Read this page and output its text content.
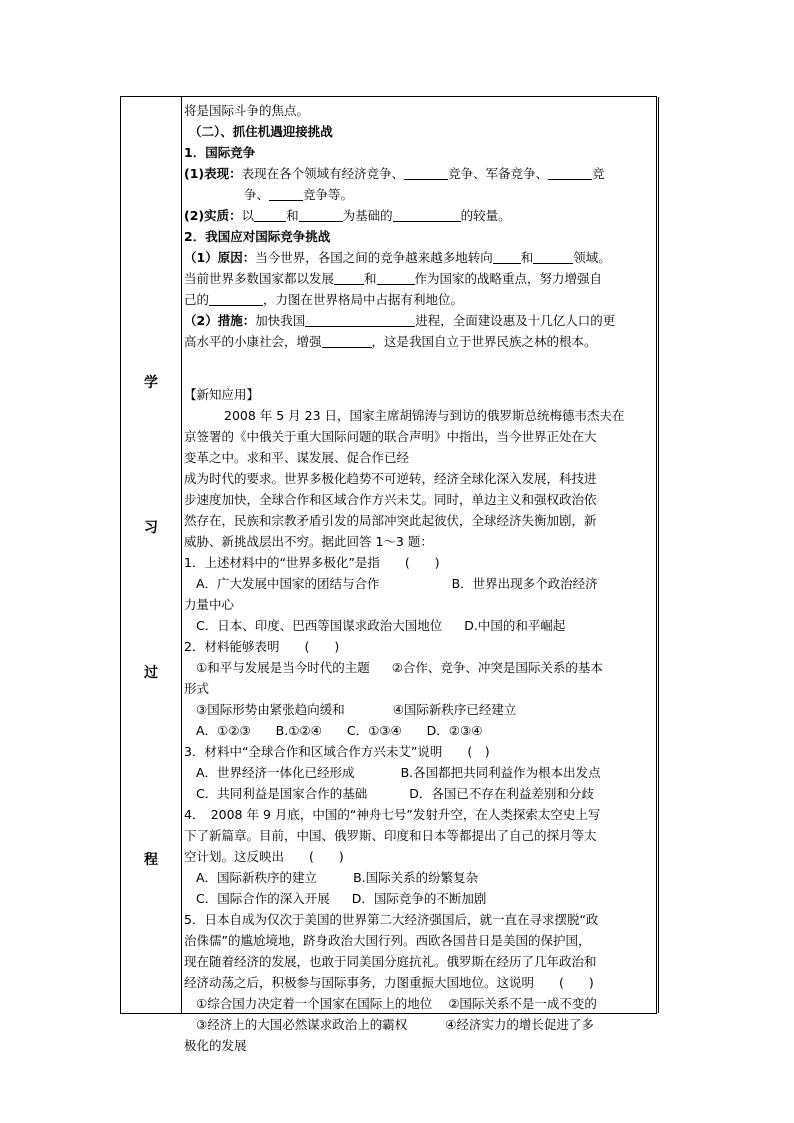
学
习
过
程
将是国际斗争的焦点。
（二）、抓住机遇迎接挑战
1．国际竞争
(1)表现：表现在各个领域有经济竞争、	竞争、军备竞争、	竞
争、	竞争等。
(2)实质：以	和	为基础的	的较量。
2．我国应对国际竞争挑战
（1）原因：当今世界，各国之间的竞争越来越多地转向 和	领域。
当前世界多数国家都以发展 和	作为国家的战略重点，努力增强自
己的	，力图在世界格局中占据有利地位。
（2）措施：加快我国	进程，全面建设惠及十几亿人口的更
高水平的小康社会，增强	，这是我国自立于世界民族之林的根本。
【新知应用】
2008 年 5 月 23 日，国家主席胡锦涛与到访的俄罗斯总统梅德韦杰夫在
京签署的《中俄关于重大国际问题的联合声明》中指出，当今世界正处在大
变革之中。求和平、谋发展、促合作已经
成为时代的要求。世界多极化趋势不可逆转，经济全球化深入发展，科技进
步速度加快，全球合作和区域合作方兴未艾。同时，单边主义和强权政治依
然存在，民族和宗教矛盾引发的局部冲突此起彼伏，全球经济失衡加剧，新
威胁、新挑战层出不穷。据此回答 1～3 题：
1．上述材料中的“世界多极化”是指　　(　　)
A．广大发展中国家的团结与合作	B．世界出现多个政治经济
力量中心
C．日本、印度、巴西等国谋求政治大国地位 D.中国的和平崛起
2．材料能够表明　　(　　)
①和平与发展是当今时代的主题 ②合作、竞争、冲突是国际关系的基本
形式
③国际形势由紧张趋向缓和	④国际新秩序已经建立
A．①②③　　B.①②④　　C．①③④　　D．②③④
3．材料中“全球合作和区域合作方兴未艾”说明　　(　)
A．世界经济一体化已经形成	B.各国都把共同利益作为根本出发点
C．共同利益是国家合作的基础	D．各国已不存在利益差别和分歧
4．　2008 年 9 月底，中国的“神舟七号”发射升空，在人类探索太空史上写
下了新篇章。目前，中国、俄罗斯、印度和日本等都提出了自己的探月等太
空计划。这反映出　　(　　)
A．国际新秩序的建立	B.国际关系的纷繁复杂
C．国际合作的深入开展 D．国际竞争的不断加剧
5．日本自成为仅次于美国的世界第二大经济强国后，就一直在寻求摆脱“政
治侏儒”的尴尬境地，跻身政治大国行列。西欧各国昔日是美国的保护国，
现在随着经济的发展，也敢于同美国分庭抗礼。俄罗斯在经历了几年政治和
经济动荡之后，积极参与国际事务，力图重振大国地位。这说明　　(　　)
①综合国力决定着一个国家在国际上的地位 ②国际关系不是一成不变的
③经济上的大国必然谋求政治上的霸权	④经济实力的增长促进了多
极化的发展
